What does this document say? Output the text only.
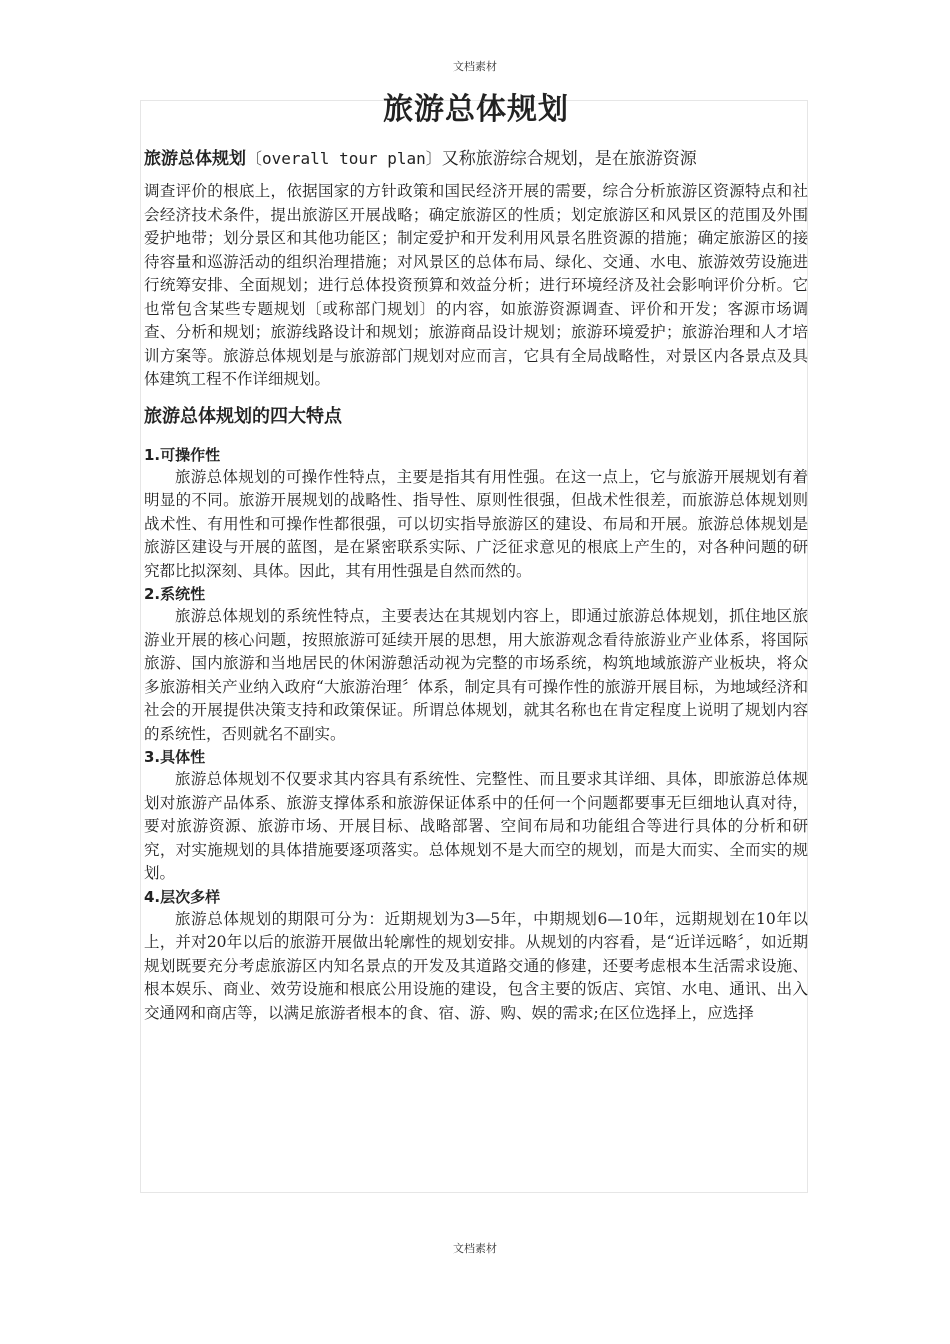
文档素材
旅游总体规划

旅游总体规划〔overall tour plan〕又称旅游综合规划，是在旅游资源

调查评价的根底上，依据国家的方针政策和国民经济开展的需要，综合分析旅游区资源特点和社会经济技术条件，提出旅游区开展战略；确定旅游区的性质；划定旅游区和风景区的范围及外围爱护地带；划分景区和其他功能区；制定爱护和开发利用风景名胜资源的措施；确定旅游区的接待容量和巡游活动的组织治理措施；对风景区的总体布局、绿化、交通、水电、旅游效劳设施进行统筹安排、全面规划；进行总体投资预算和效益分析；进行环境经济及社会影响评价分析。它也常包含某些专题规划〔或称部门规划〕的内容，如旅游资源调查、评价和开发；客源市场调查、分析和规划；旅游线路设计和规划；旅游商品设计规划；旅游环境爱护；旅游治理和人才培训方案等。旅游总体规划是与旅游部门规划对应而言，它具有全局战略性，对景区内各景点及具体建筑工程不作详细规划。

旅游总体规划的四大特点
1.可操作性

旅游总体规划的可操作性特点，主要是指其有用性强。在这一点上，它与旅游开展规划有着明显的不同。旅游开展规划的战略性、指导性、原则性很强，但战术性很差，而旅游总体规划则战术性、有用性和可操作性都很强，可以切实指导旅游区的建设、布局和开展。旅游总体规划是旅游区建设与开展的蓝图，是在紧密联系实际、广泛征求意见的根底上产生的，对各种问题的研究都比拟深刻、具体。因此，其有用性强是自然而然的。

2.系统性

旅游总体规划的系统性特点，主要表达在其规划内容上，即通过旅游总体规划，抓住地区旅游业开展的核心问题，按照旅游可延续开展的思想，用大旅游观念看待旅游业产业体系，将国际旅游、国内旅游和当地居民的休闲游憩活动视为完整的市场系统，构筑地域旅游产业板块，将众多旅游相关产业纳入政府“大旅游治理〞体系，制定具有可操作性的旅游开展目标，为地域经济和社会的开展提供决策支持和政策保证。所谓总体规划，就其名称也在肯定程度上说明了规划内容的系统性，否则就名不副实。

3.具体性

旅游总体规划不仅要求其内容具有系统性、完整性、而且要求其详细、具体，即旅游总体规划对旅游产品体系、旅游支撑体系和旅游保证体系中的任何一个问题都要事无巨细地认真对待，要对旅游资源、旅游市场、开展目标、战略部署、空间布局和功能组合等进行具体的分析和研究，对实施规划的具体措施要逐项落实。总体规划不是大而空的规划，而是大而实、全而实的规划。

4.层次多样

旅游总体规划的期限可分为：近期规划为3—5年，中期规划6—10年，远期规划在10年以上，并对20年以后的旅游开展做出轮廓性的规划安排。从规划的内容看，是“近详远略〞，如近期规划既要充分考虑旅游区内知名景点的开发及其道路交通的修建，还要考虑根本生活需求设施、根本娱乐、商业、效劳设施和根底公用设施的建设，包含主要的饭店、宾馆、水电、通讯、出入交通网和商店等，以满足旅游者根本的食、宿、游、购、娱的需求;在区位选择上，应选择

文档素材
